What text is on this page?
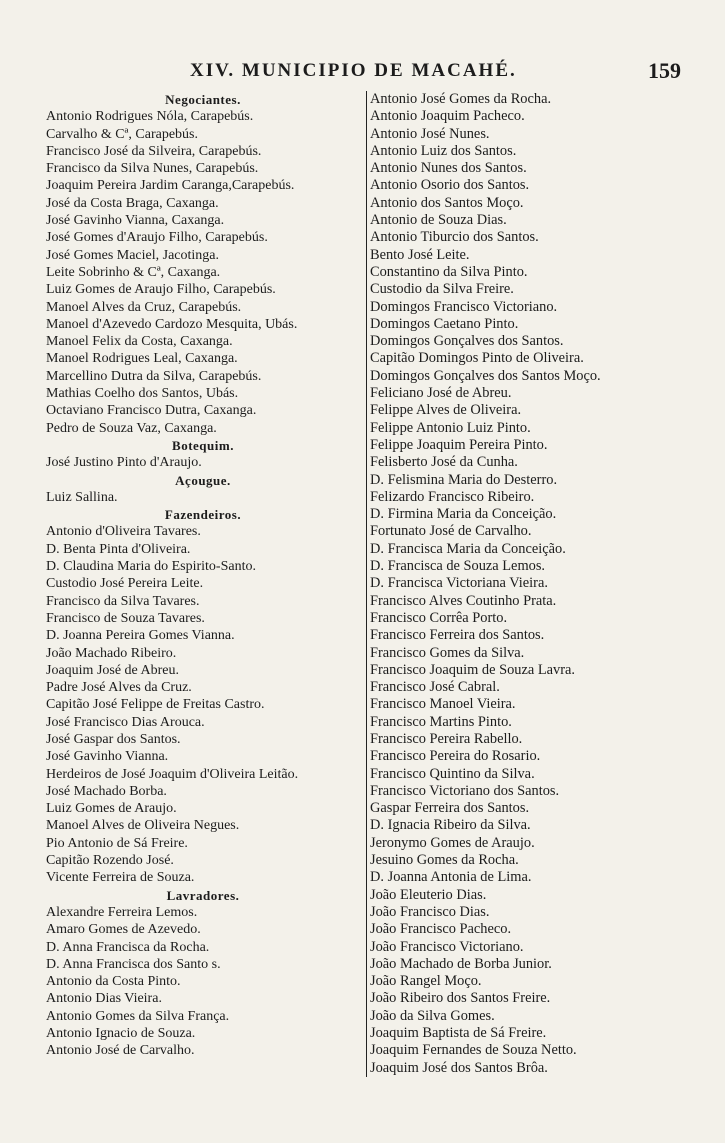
XIV. MUNICIPIO DE MACAHÉ.	159
Negociantes.
Antonio Rodrigues Nóla, Carapebús.
Carvalho & Cª, Carapebús.
Francisco José da Silveira, Carapebús.
Francisco da Silva Nunes, Carapebús.
Joaquim Pereira Jardim Caranga,Carapebús.
José da Costa Braga, Caxanga.
José Gavinho Vianna, Caxanga.
José Gomes d'Araujo Filho, Carapebús.
José Gomes Maciel, Jacotinga.
Leite Sobrinho & Cª, Caxanga.
Luiz Gomes de Araujo Filho, Carapebús.
Manoel Alves da Cruz, Carapebús.
Manoel d'Azevedo Cardozo Mesquita, Ubás.
Manoel Felix da Costa, Caxanga.
Manoel Rodrigues Leal, Caxanga.
Marcellino Dutra da Silva, Carapebús.
Mathias Coelho dos Santos, Ubás.
Octaviano Francisco Dutra, Caxanga.
Pedro de Souza Vaz, Caxanga.
Botequim.
José Justino Pinto d'Araujo.
Açougue.
Luiz Sallina.
Fazendeiros.
Antonio d'Oliveira Tavares.
D. Benta Pinta d'Oliveira.
D. Claudina Maria do Espirito-Santo.
Custodio José Pereira Leite.
Francisco da Silva Tavares.
Francisco de Souza Tavares.
D. Joanna Pereira Gomes Vianna.
João Machado Ribeiro.
Joaquim José de Abreu.
Padre José Alves da Cruz.
Capitão José Felippe de Freitas Castro.
José Francisco Dias Arouca.
José Gaspar dos Santos.
José Gavinho Vianna.
Herdeiros de José Joaquim d'Oliveira Leitão.
José Machado Borba.
Luiz Gomes de Araujo.
Manoel Alves de Oliveira Negues.
Pio Antonio de Sá Freire.
Capitão Rozendo José.
Vicente Ferreira de Souza.
Lavradores.
Alexandre Ferreira Lemos.
Amaro Gomes de Azevedo.
D. Anna Francisca da Rocha.
D. Anna Francisca dos Santo s.
Antonio da Costa Pinto.
Antonio Dias Vieira.
Antonio Gomes da Silva França.
Antonio Ignacio de Souza.
Antonio José de Carvalho.
Antonio José Gomes da Rocha.
Antonio Joaquim Pacheco.
Antonio José Nunes.
Antonio Luiz dos Santos.
Antonio Nunes dos Santos.
Antonio Osorio dos Santos.
Antonio dos Santos Moço.
Antonio de Souza Dias.
Antonio Tiburcio dos Santos.
Bento José Leite.
Constantino da Silva Pinto.
Custodio da Silva Freire.
Domingos Francisco Victoriano.
Domingos Caetano Pinto.
Domingos Gonçalves dos Santos.
Capitão Domingos Pinto de Oliveira.
Domingos Gonçalves dos Santos Moço.
Feliciano José de Abreu.
Felippe Alves de Oliveira.
Felippe Antonio Luiz Pinto.
Felippe Joaquim Pereira Pinto.
Felisberto José da Cunha.
D. Felismina Maria do Desterro.
Felizardo Francisco Ribeiro.
D. Firmina Maria da Conceição.
Fortunato José de Carvalho.
D. Francisca Maria da Conceição.
D. Francisca de Souza Lemos.
D. Francisca Victoriana Vieira.
Francisco Alves Coutinho Prata.
Francisco Corrêa Porto.
Francisco Ferreira dos Santos.
Francisco Gomes da Silva.
Francisco Joaquim de Souza Lavra.
Francisco José Cabral.
Francisco Manoel Vieira.
Francisco Martins Pinto.
Francisco Pereira Rabello.
Francisco Pereira do Rosario.
Francisco Quintino da Silva.
Francisco Victoriano dos Santos.
Gaspar Ferreira dos Santos.
D. Ignacia Ribeiro da Silva.
Jeronymo Gomes de Araujo.
Jesuino Gomes da Rocha.
D. Joanna Antonia de Lima.
João Eleuterio Dias.
João Francisco Dias.
João Francisco Pacheco.
João Francisco Victoriano.
João Machado de Borba Junior.
João Rangel Moço.
João Ribeiro dos Santos Freire.
João da Silva Gomes.
Joaquim Baptista de Sá Freire.
Joaquim Fernandes de Souza Netto.
Joaquim José dos Santos Brôa.
